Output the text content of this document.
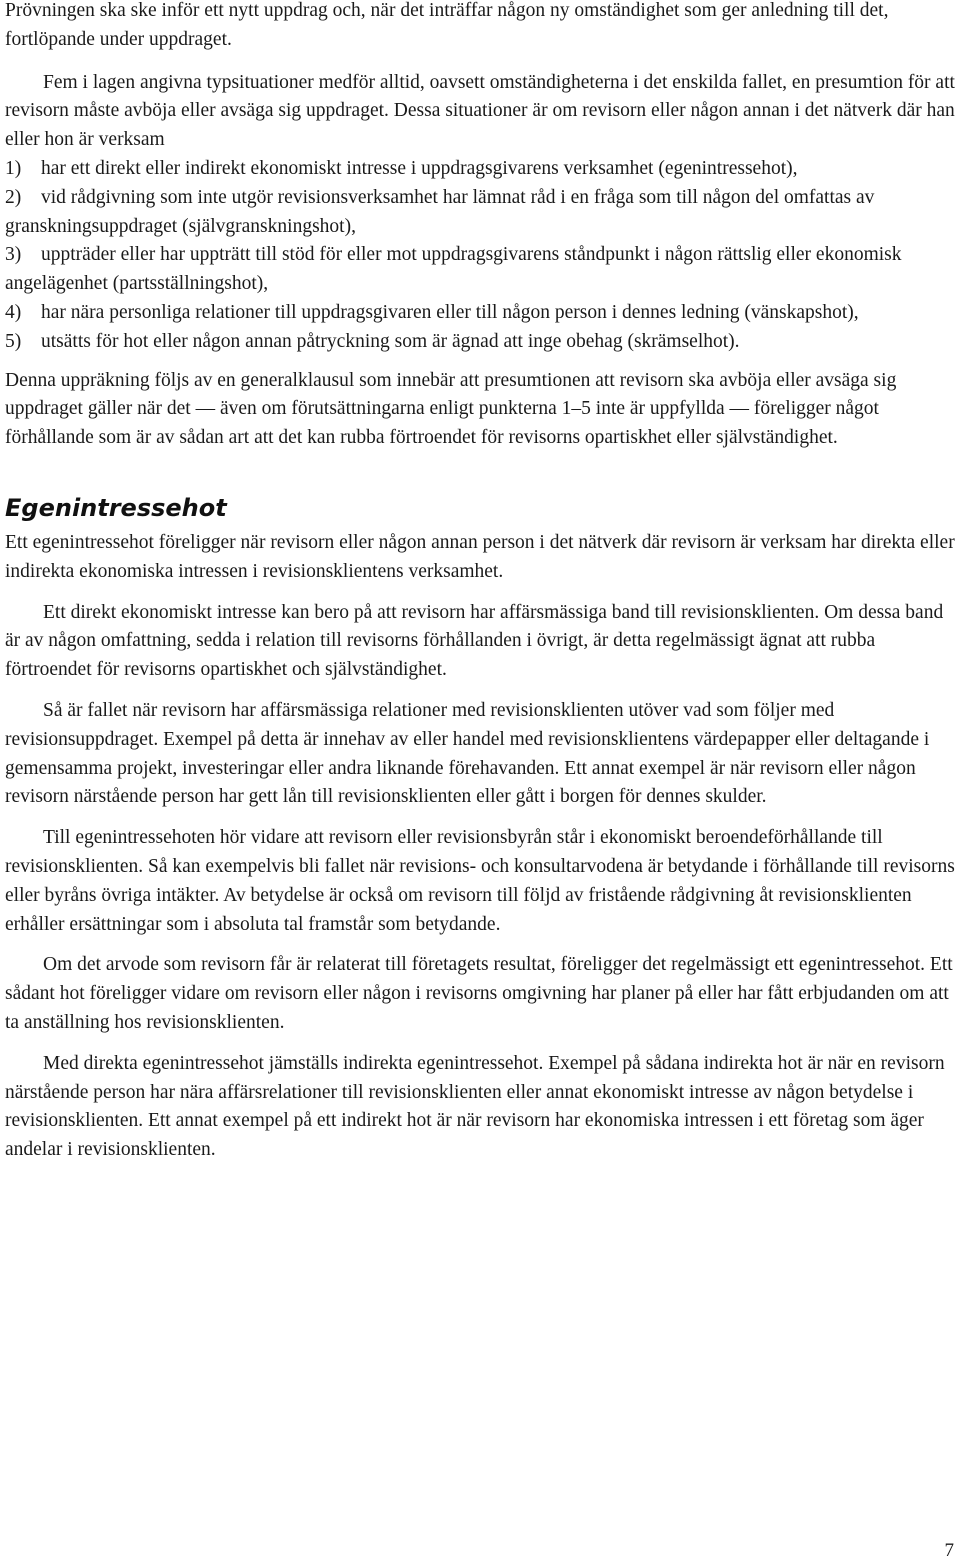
Prövningen ska ske inför ett nytt uppdrag och, när det inträffar någon ny omständighet som ger anledning till det, fortlöpande under uppdraget.

Fem i lagen angivna typsituationer medför alltid, oavsett omständigheterna i det enskilda fallet, en presumtion för att revisorn måste avböja eller avsäga sig uppdraget. Dessa situationer är om revisorn eller någon annan i det nätverk där han eller hon är verksam

1) har ett direkt eller indirekt ekonomiskt intresse i uppdragsgivarens verksamhet (egenintressehot),

2) vid rådgivning som inte utgör revisionsverksamhet har lämnat råd i en fråga som till någon del omfattas av granskningsuppdraget (självgranskningshot),

3) uppträder eller har uppträtt till stöd för eller mot uppdragsgivarens ståndpunkt i någon rättslig eller ekonomisk angelägenhet (partsställningshot),

4) har nära personliga relationer till uppdragsgivaren eller till någon person i dennes ledning (vänskapshot),

5) utsätts för hot eller någon annan påtryckning som är ägnad att inge obehag (skrämselhot).

Denna uppräkning följs av en generalklausul som innebär att presumtionen att revisorn ska avböja eller avsäga sig uppdraget gäller när det — även om förutsättningarna enligt punkterna 1–5 inte är uppfyllda — föreligger något förhållande som är av sådan art att det kan rubba förtroendet för revisorns opartiskhet eller självständighet.

Egenintressehot

Ett egenintressehot föreligger när revisorn eller någon annan person i det nätverk där revisorn är verksam har direkta eller indirekta ekonomiska intressen i revisionsklientens verksamhet.

Ett direkt ekonomiskt intresse kan bero på att revisorn har affärsmässiga band till revisionsklienten. Om dessa band är av någon omfattning, sedda i relation till revisorns förhållanden i övrigt, är detta regelmässigt ägnat att rubba förtroendet för revisorns opartiskhet och självständighet.

Så är fallet när revisorn har affärsmässiga relationer med revisionsklienten utöver vad som följer med revisionsuppdraget. Exempel på detta är innehav av eller handel med revisionsklientens värdepapper eller deltagande i gemensamma projekt, investeringar eller andra liknande förehavanden. Ett annat exempel är när revisorn eller någon revisorn närstående person har gett lån till revisionsklienten eller gått i borgen för dennes skulder.

Till egenintressehoten hör vidare att revisorn eller revisionsbyrån står i ekonomiskt beroendeförhållande till revisionsklienten. Så kan exempelvis bli fallet när revisions- och konsultarvodena är betydande i förhållande till revisorns eller byråns övriga intäkter. Av betydelse är också om revisorn till följd av fristående rådgivning åt revisionsklienten erhåller ersättningar som i absoluta tal framstår som betydande.

Om det arvode som revisorn får är relaterat till företagets resultat, föreligger det regelmässigt ett egenintressehot. Ett sådant hot föreligger vidare om revisorn eller någon i revisorns omgivning har planer på eller har fått erbjudanden om att ta anställning hos revisionsklienten.

Med direkta egenintressehot jämställs indirekta egenintressehot. Exempel på sådana indirekta hot är när en revisorn närstående person har nära affärsrelationer till revisionsklienten eller annat ekonomiskt intresse av någon betydelse i revisionsklienten. Ett annat exempel på ett indirekt hot är när revisorn har ekonomiska intressen i ett företag som äger andelar i revisionsklienten.

7
